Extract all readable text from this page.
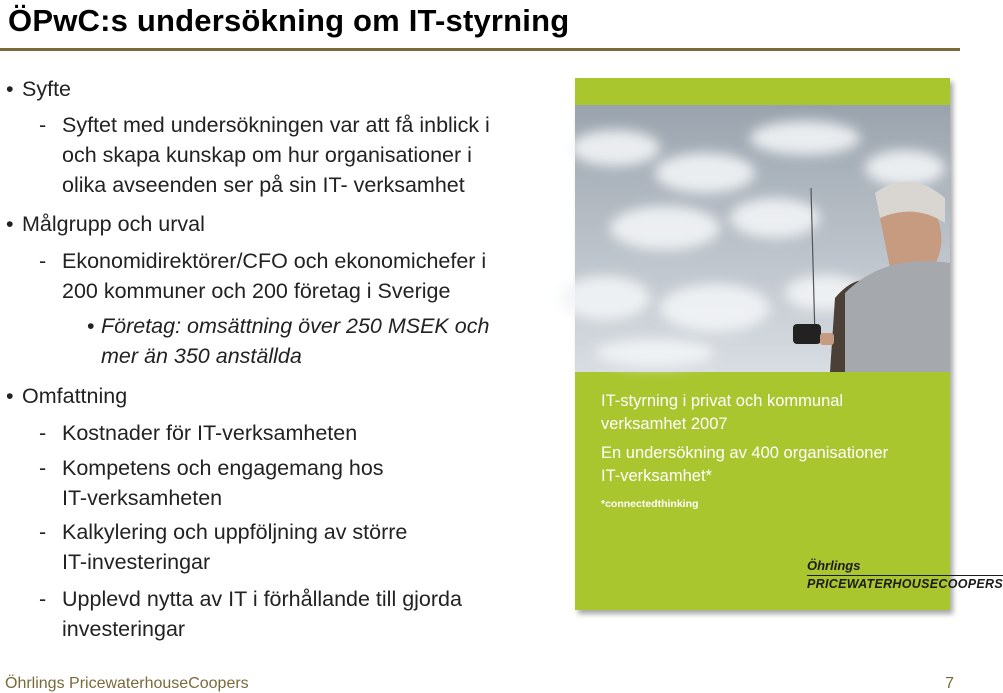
ÖPwC:s undersökning om IT-styrning

• Syfte

- Syftet med undersökningen var att få inblick i
och skapa kunskap om hur organisationer i
olika avseenden ser på sin IT- verksamhet

• Målgrupp och urval

- Ekonomidirektörer/CFO och ekonomichefer i
200 kommuner och 200 företag i Sverige

• Företag: omsättning över 250 MSEK och
mer än 350 anställda

• Omfattning

- Kostnader för IT-verksamheten

- Kompetens och engagemang hos
IT-verksamheten

- Kalkylering och uppföljning av större
IT-investeringar

- Upplevd nytta av IT i förhållande till gjorda
investeringar

IT-styrning i privat och kommunal
verksamhet 2007

En undersökning av 400 organisationer
IT-verksamhet*

*connectedthinking

Öhrlings
PRICEWATERHOUSECOOPERS
Öhrlings PricewaterhouseCoopers	7
